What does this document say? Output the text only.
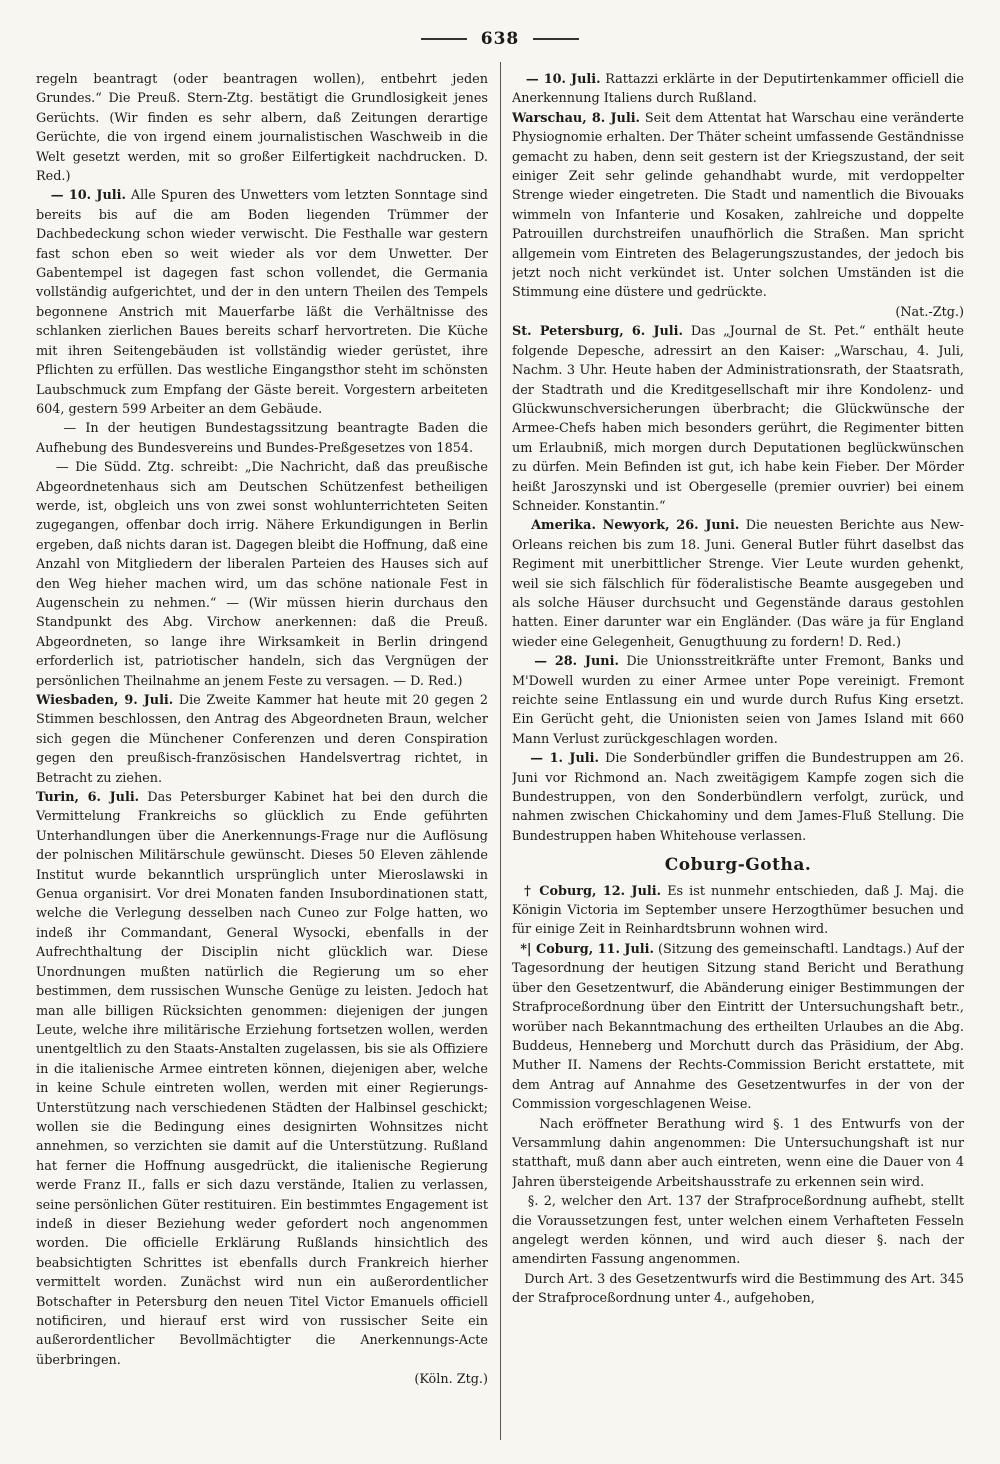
638

regeln beantragt (oder beantragen wollen), entbehrt jeden Grundes.“ Die Preuß. Stern-Ztg. bestätigt die Grundlosigkeit jenes Gerüchts. (Wir finden es sehr albern, daß Zeitungen derartige Gerüchte, die von irgend einem journalistischen Waschweib in die Welt gesetzt werden, mit so großer Eilfertigkeit nachdrucken. D. Red.)

— 10. Juli. Alle Spuren des Unwetters vom letzten Sonntage sind bereits bis auf die am Boden liegenden Trümmer der Dachbedeckung schon wieder verwischt. Die Festhalle war gestern fast schon eben so weit wieder als vor dem Unwetter. Der Gabentempel ist dagegen fast schon vollendet, die Germania vollständig aufgerichtet, und der in den untern Theilen des Tempels begonnene Anstrich mit Mauerfarbe läßt die Verhältnisse des schlanken zierlichen Baues bereits scharf hervortreten. Die Küche mit ihren Seitengebäuden ist vollständig wieder gerüstet, ihre Pflichten zu erfüllen. Das westliche Eingangsthor steht im schönsten Laubschmuck zum Empfang der Gäste bereit. Vorgestern arbeiteten 604, gestern 599 Arbeiter an dem Gebäude.

— In der heutigen Bundestagssitzung beantragte Baden die Aufhebung des Bundesvereins und Bundes-Preßgesetzes von 1854.

— Die Südd. Ztg. schreibt: „Die Nachricht, daß das preußische Abgeordnetenhaus sich am Deutschen Schützenfest betheiligen werde, ist, obgleich uns von zwei sonst wohlunterrichteten Seiten zugegangen, offenbar doch irrig. Nähere Erkundigungen in Berlin ergeben, daß nichts daran ist. Dagegen bleibt die Hoffnung, daß eine Anzahl von Mitgliedern der liberalen Parteien des Hauses sich auf den Weg hieher machen wird, um das schöne nationale Fest in Augenschein zu nehmen.“ — (Wir müssen hierin durchaus den Standpunkt des Abg. Virchow anerkennen: daß die Preuß. Abgeordneten, so lange ihre Wirksamkeit in Berlin dringend erforderlich ist, patriotischer handeln, sich das Vergnügen der persönlichen Theilnahme an jenem Feste zu versagen. — D. Red.)

Wiesbaden, 9. Juli. Die Zweite Kammer hat heute mit 20 gegen 2 Stimmen beschlossen, den Antrag des Abgeordneten Braun, welcher sich gegen die Münchener Conferenzen und deren Conspiration gegen den preußisch-französischen Handelsvertrag richtet, in Betracht zu ziehen.

Turin, 6. Juli. Das Petersburger Kabinet hat bei den durch die Vermittelung Frankreichs so glücklich zu Ende geführten Unterhandlungen über die Anerkennungs-Frage nur die Auflösung der polnischen Militärschule gewünscht. Dieses 50 Eleven zählende Institut wurde bekanntlich ursprünglich unter Mieroslawski in Genua organisirt. Vor drei Monaten fanden Insubordinationen statt, welche die Verlegung desselben nach Cuneo zur Folge hatten, wo indeß ihr Commandant, General Wysocki, ebenfalls in der Aufrechthaltung der Disciplin nicht glücklich war. Diese Unordnungen mußten natürlich die Regierung um so eher bestimmen, dem russischen Wunsche Genüge zu leisten. Jedoch hat man alle billigen Rücksichten genommen: diejenigen der jungen Leute, welche ihre militärische Erziehung fortsetzen wollen, werden unentgeltlich zu den Staats-Anstalten zugelassen, bis sie als Offiziere in die italienische Armee eintreten können, diejenigen aber, welche in keine Schule eintreten wollen, werden mit einer Regierungs-Unterstützung nach verschiedenen Städten der Halbinsel geschickt; wollen sie die Bedingung eines designirten Wohnsitzes nicht annehmen, so verzichten sie damit auf die Unterstützung. Rußland hat ferner die Hoffnung ausgedrückt, die italienische Regierung werde Franz II., falls er sich dazu verstände, Italien zu verlassen, seine persönlichen Güter restituiren. Ein bestimmtes Engagement ist indeß in dieser Beziehung weder gefordert noch angenommen worden. Die officielle Erklärung Rußlands hinsichtlich des beabsichtigten Schrittes ist ebenfalls durch Frankreich hierher vermittelt worden. Zunächst wird nun ein außerordentlicher Botschafter in Petersburg den neuen Titel Victor Emanuels officiell notificiren, und hierauf erst wird von russischer Seite ein außerordentlicher Bevollmächtigter die Anerkennungs-Acte überbringen.
(Köln. Ztg.)

— 10. Juli. Rattazzi erklärte in der Deputirtenkammer officiell die Anerkennung Italiens durch Rußland.

Warschau, 8. Juli. Seit dem Attentat hat Warschau eine veränderte Physiognomie erhalten. Der Thäter scheint umfassende Geständnisse gemacht zu haben, denn seit gestern ist der Kriegszustand, der seit einiger Zeit sehr gelinde gehandhabt wurde, mit verdoppelter Strenge wieder eingetreten. Die Stadt und namentlich die Bivouaks wimmeln von Infanterie und Kosaken, zahlreiche und doppelte Patrouillen durchstreifen unaufhörlich die Straßen. Man spricht allgemein vom Eintreten des Belagerungszustandes, der jedoch bis jetzt noch nicht verkündet ist. Unter solchen Umständen ist die Stimmung eine düstere und gedrückte.
(Nat.-Ztg.)

St. Petersburg, 6. Juli. Das „Journal de St. Pet.“ enthält heute folgende Depesche, adressirt an den Kaiser: „Warschau, 4. Juli, Nachm. 3 Uhr. Heute haben der Administrationsrath, der Staatsrath, der Stadtrath und die Kreditgesellschaft mir ihre Kondolenz- und Glückwunschversicherungen überbracht; die Glückwünsche der Armee-Chefs haben mich besonders gerührt, die Regimenter bitten um Erlaubniß, mich morgen durch Deputationen beglückwünschen zu dürfen. Mein Befinden ist gut, ich habe kein Fieber. Der Mörder heißt Jaroszynski und ist Obergeselle (premier ouvrier) bei einem Schneider. Konstantin.“

Amerika. Newyork, 26. Juni. Die neuesten Berichte aus New-Orleans reichen bis zum 18. Juni. General Butler führt daselbst das Regiment mit unerbittlicher Strenge. Vier Leute wurden gehenkt, weil sie sich fälschlich für föderalistische Beamte ausgegeben und als solche Häuser durchsucht und Gegenstände daraus gestohlen hatten. Einer darunter war ein Engländer. (Das wäre ja für England wieder eine Gelegenheit, Genugthuung zu fordern! D. Red.)

— 28. Juni. Die Unionsstreitkräfte unter Fremont, Banks und M'Dowell wurden zu einer Armee unter Pope vereinigt. Fremont reichte seine Entlassung ein und wurde durch Rufus King ersetzt. Ein Gerücht geht, die Unionisten seien von James Island mit 660 Mann Verlust zurückgeschlagen worden.

— 1. Juli. Die Sonderbündler griffen die Bundestruppen am 26. Juni vor Richmond an. Nach zweitägigem Kampfe zogen sich die Bundestruppen, von den Sonderbündlern verfolgt, zurück, und nahmen zwischen Chickahominy und dem James-Fluß Stellung. Die Bundestruppen haben Whitehouse verlassen.

Coburg-Gotha.

† Coburg, 12. Juli. Es ist nunmehr entschieden, daß J. Maj. die Königin Victoria im September unsere Herzogthümer besuchen und für einige Zeit in Reinhardtsbrunn wohnen wird.

*| Coburg, 11. Juli. (Sitzung des gemeinschaftl. Landtags.) Auf der Tagesordnung der heutigen Sitzung stand Bericht und Berathung über den Gesetzentwurf, die Abänderung einiger Bestimmungen der Strafproceßordnung über den Eintritt der Untersuchungshaft betr., worüber nach Bekanntmachung des ertheilten Urlaubes an die Abg. Buddeus, Henneberg und Morchutt durch das Präsidium, der Abg. Muther II. Namens der Rechts-Commission Bericht erstattete, mit dem Antrag auf Annahme des Gesetzentwurfes in der von der Commission vorgeschlagenen Weise.

Nach eröffneter Berathung wird §. 1 des Entwurfs von der Versammlung dahin angenommen: Die Untersuchungshaft ist nur statthaft, muß dann aber auch eintreten, wenn eine die Dauer von 4 Jahren übersteigende Arbeitshausstrafe zu erkennen sein wird.

§. 2, welcher den Art. 137 der Strafproceßordnung aufhebt, stellt die Voraussetzungen fest, unter welchen einem Verhafteten Fesseln angelegt werden können, und wird auch dieser §. nach der amendirten Fassung angenommen.

Durch Art. 3 des Gesetzentwurfs wird die Bestimmung des Art. 345 der Strafproceßordnung unter 4., aufgehoben,
